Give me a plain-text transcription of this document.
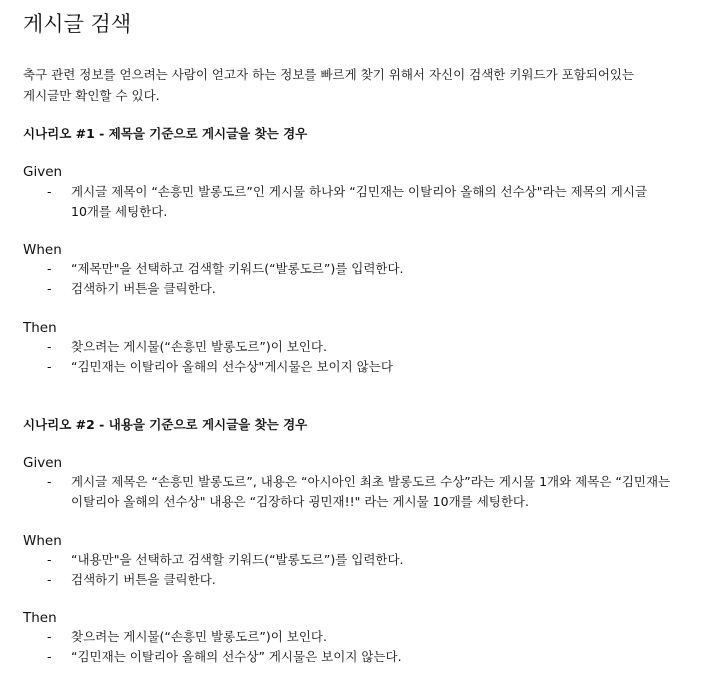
게시글 검색
축구 관련 정보를 얻으려는 사람이 얻고자 하는 정보를 빠르게 찾기 위해서 자신이 검색한 키워드가 포함되어있는
게시글만 확인할 수 있다.
시나리오 #1 - 제목을 기준으로 게시글을 찾는 경우
Given
- 게시글 제목이 “손흥민 발롱도르”인 게시물 하나와 “김민재는 이탈리아 올해의 선수상"라는 제목의 게시글
10개를 세팅한다.
When
- “제목만"을 선택하고 검색할 키워드(“발롱도르”)를 입력한다.
- 검색하기 버튼을 클릭한다.
Then
- 찾으려는 게시물(“손흥민 발롱도르”)이 보인다.
- “김민재는 이탈리아 올해의 선수상"게시물은 보이지 않는다
시나리오 #2 - 내용을 기준으로 게시글을 찾는 경우
Given
- 게시글 제목은 “손흥민 발롱도르”, 내용은 “아시아인 최초 발롱도르 수상”라는 게시물 1개와 제목은 “김민재는
이탈리아 올해의 선수상" 내용은 “김장하다 굉민재!!" 라는 게시물 10개를 세팅한다.
When
- “내용만"을 선택하고 검색할 키워드(“발롱도르”)를 입력한다.
- 검색하기 버튼을 클릭한다.
Then
- 찾으려는 게시물(“손흥민 발롱도르”)이 보인다.
- “김민재는 이탈리아 올해의 선수상” 게시물은 보이지 않는다.
